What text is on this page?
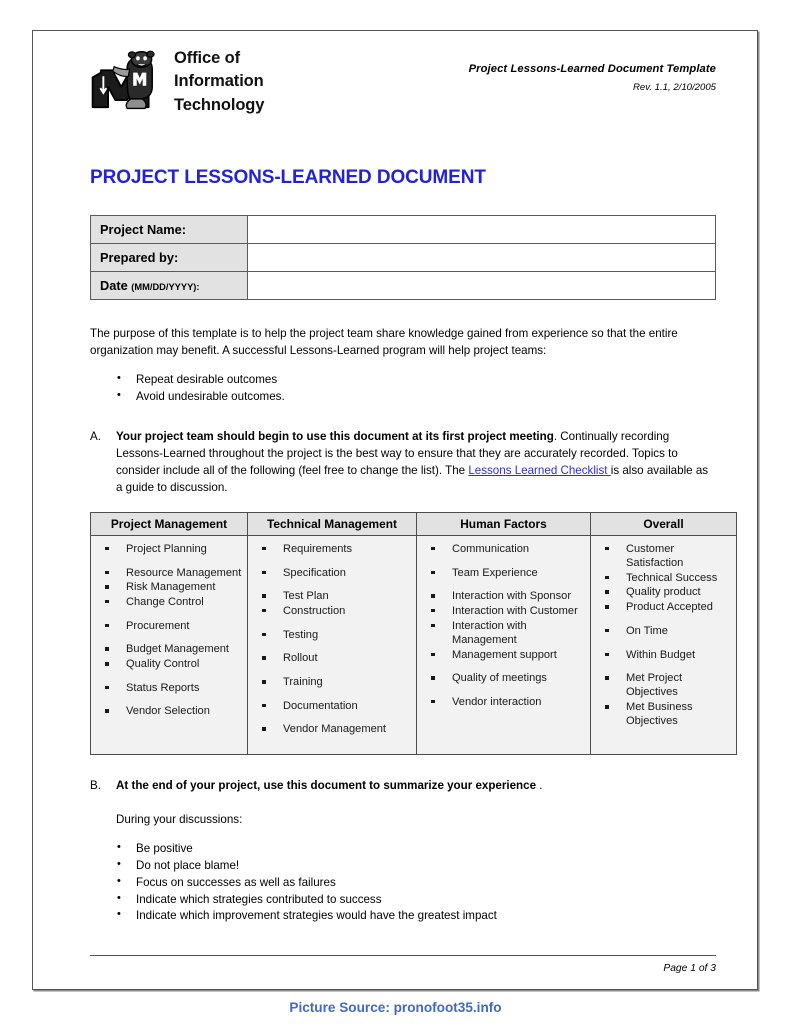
Office of
Information
Technology
Project Lessons-Learned Document Template
Rev. 1.1, 2/10/2005
PROJECT LESSONS-LEARNED DOCUMENT
Project Name:	
Prepared by:	
Date (MM/DD/YYYY):	
The purpose of this template is to help the project team share knowledge gained from experience so that the entire organization may benefit. A successful Lessons-Learned program will help project teams:
• Repeat desirable outcomes
• Avoid undesirable outcomes.
A. Your project team should begin to use this document at its first project meeting. Continually recording Lessons-Learned throughout the project is the best way to ensure that they are accurately recorded. Topics to consider include all of the following (feel free to change the list). The Lessons Learned Checklist is also available as a guide to discussion.
Project Management	Technical Management	Human Factors	Overall

Project Planning
Resource Management
Risk Management
Change Control
Procurement
Budget Management
Quality Control
Status Reports
Vendor Selection

Requirements
Specification
Test Plan
Construction
Testing
Rollout
Training
Documentation
Vendor Management

Communication
Team Experience
Interaction with Sponsor
Interaction with Customer
Interaction with Management
Management support
Quality of meetings
Vendor interaction

Customer Satisfaction
Technical Success
Quality product
Product Accepted
On Time
Within Budget
Met Project Objectives
Met Business Objectives
B. At the end of your project, use this document to summarize your experience .
During your discussions:
• Be positive
• Do not place blame!
• Focus on successes as well as failures
• Indicate which strategies contributed to success
• Indicate which improvement strategies would have the greatest impact
Page 1 of 3
Picture Source: pronofoot35.info
